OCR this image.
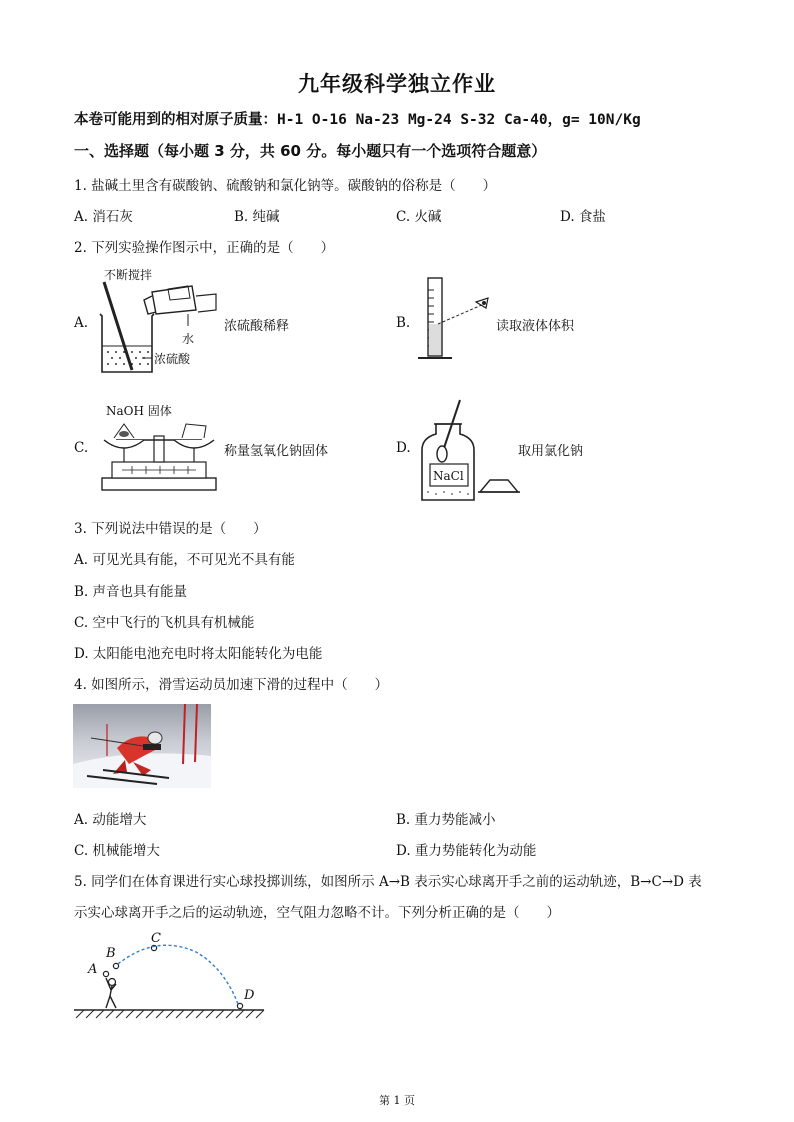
九年级科学独立作业
本卷可能用到的相对原子质量：H-1 O-16 Na-23 Mg-24 S-32 Ca-40，g= 10N/Kg
一、选择题（每小题 3 分，共 60 分。每小题只有一个选项符合题意）
1. 盐碱土里含有碳酸钠、硫酸钠和氯化钠等。碳酸钠的俗称是（　　）
A. 消石灰	B. 纯碱	C. 火碱	D. 食盐
2. 下列实验操作图示中，正确的是（　　）
A.
不断搅拌
水
浓硫酸
浓硫酸稀释	B.	读取液体体积
C.
NaOH 固体
称量氢氧化钠固体	D.
NaCl
取用氯化钠
3. 下列说法中错误的是（　　）
A. 可见光具有能，不可见光不具有能
B. 声音也具有能量
C. 空中飞行的飞机具有机械能
D. 太阳能电池充电时将太阳能转化为电能
4. 如图所示，滑雪运动员加速下滑的过程中（　　）
A. 动能增大	B. 重力势能减小
C. 机械能增大	D. 重力势能转化为动能
5. 同学们在体育课进行实心球投掷训练，如图所示 A→B 表示实心球离开手之前的运动轨迹，B→C→D 表
示实心球离开手之后的运动轨迹，空气阻力忽略不计。下列分析正确的是（　　）
A
B
C
D
第 1 页
